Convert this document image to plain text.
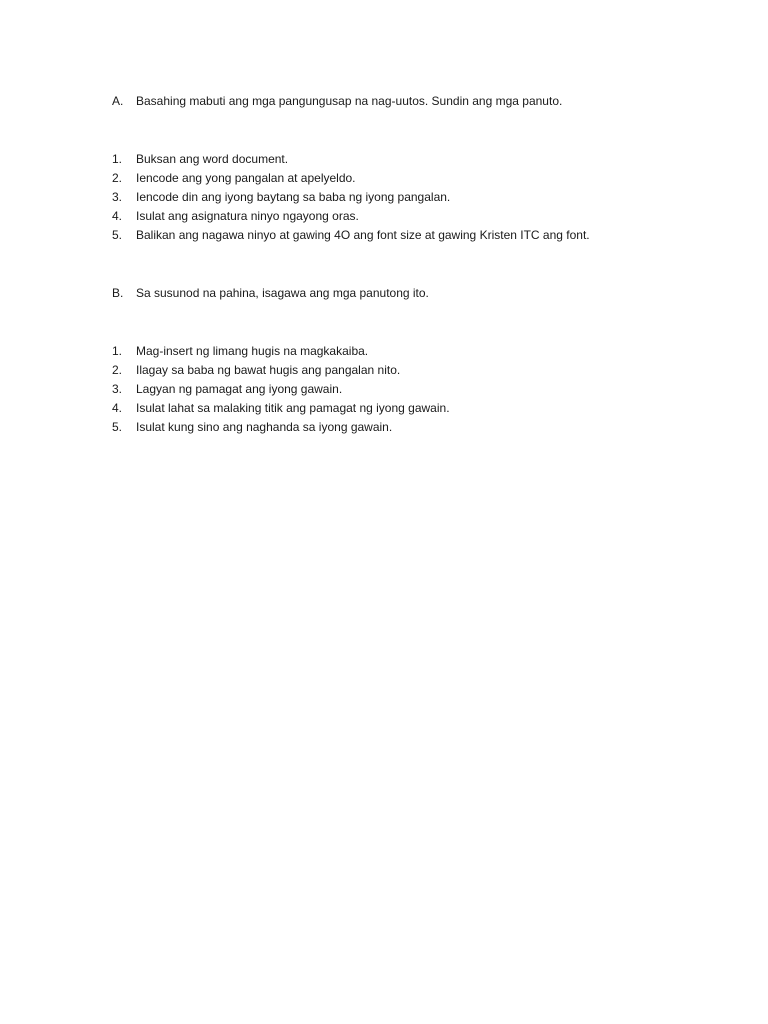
A.	Basahing mabuti ang mga pangungusap na nag-uutos. Sundin ang mga panuto.
1.	Buksan ang word document.
2.	Iencode ang yong pangalan at apelyeldo.
3.	Iencode din ang iyong baytang sa baba ng iyong pangalan.
4.	Isulat ang asignatura ninyo ngayong oras.
5.	Balikan ang nagawa ninyo at gawing 4O ang font size at gawing Kristen ITC ang font.
B.	Sa susunod na pahina, isagawa ang mga panutong ito.
1.	Mag-insert ng limang hugis na magkakaiba.
2.	Ilagay sa baba ng bawat hugis ang pangalan nito.
3.	Lagyan ng pamagat ang iyong gawain.
4.	Isulat lahat sa malaking titik ang pamagat ng iyong gawain.
5.	Isulat kung sino ang naghanda sa iyong gawain.
